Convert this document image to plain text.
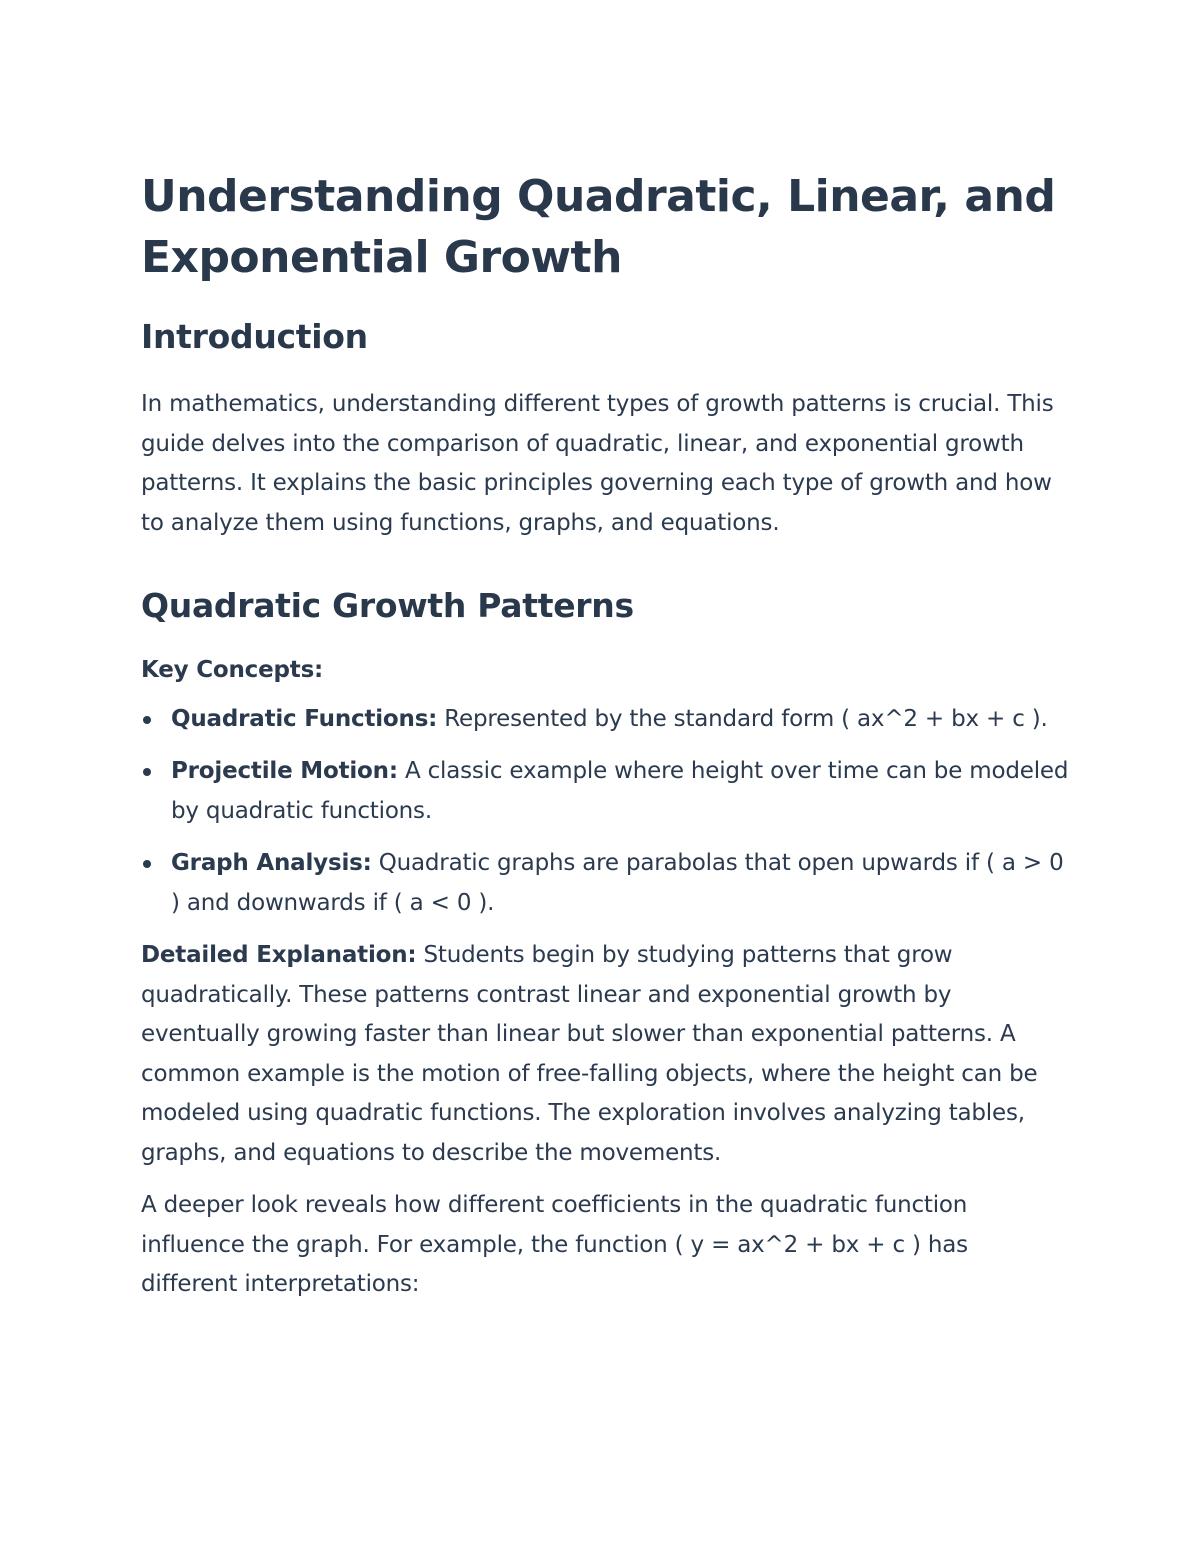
Understanding Quadratic, Linear, and Exponential Growth
Introduction

In mathematics, understanding different types of growth patterns is crucial. This guide delves into the comparison of quadratic, linear, and exponential growth patterns. It explains the basic principles governing each type of growth and how to analyze them using functions, graphs, and equations.

Quadratic Growth Patterns

Key Concepts:

Quadratic Functions: Represented by the standard form ( ax^2 + bx + c ).
Projectile Motion: A classic example where height over time can be modeled by quadratic functions.
Graph Analysis: Quadratic graphs are parabolas that open upwards if ( a > 0 ) and downwards if ( a < 0 ).

Detailed Explanation: Students begin by studying patterns that grow quadratically. These patterns contrast linear and exponential growth by eventually growing faster than linear but slower than exponential patterns. A common example is the motion of free-falling objects, where the height can be modeled using quadratic functions. The exploration involves analyzing tables, graphs, and equations to describe the movements.

A deeper look reveals how different coefficients in the quadratic function influence the graph. For example, the function ( y = ax^2 + bx + c ) has different interpretations:
